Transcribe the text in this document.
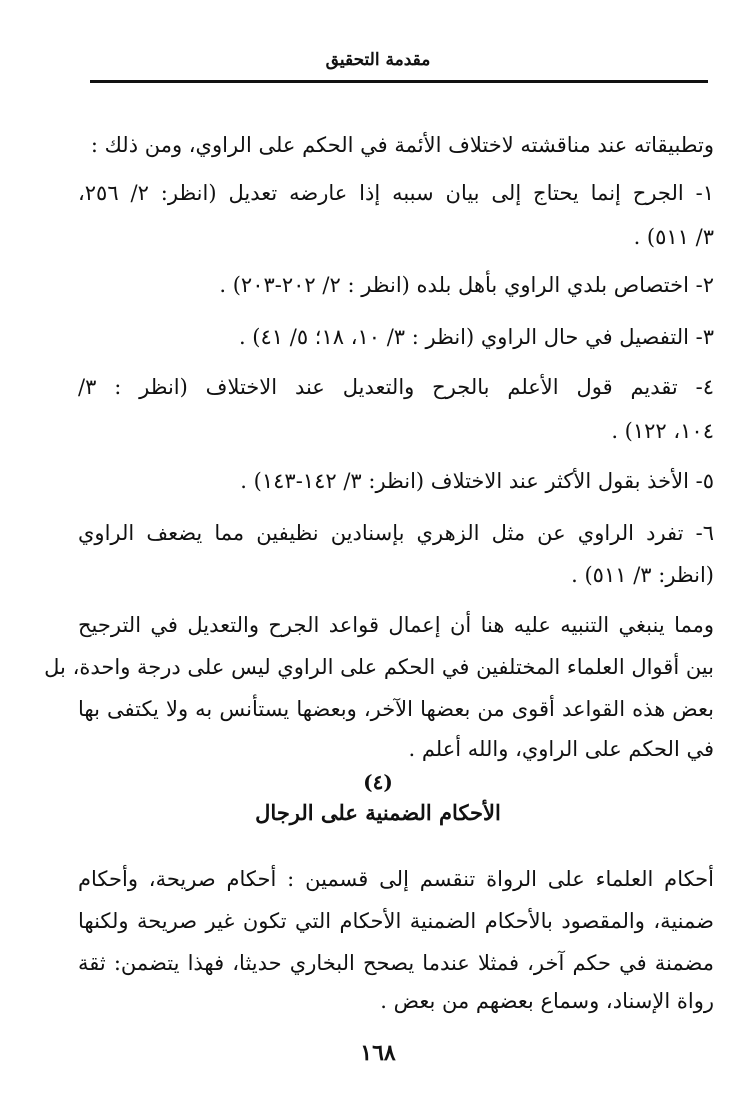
مقدمة التحقيق
وتطبيقاته عند مناقشته لاختلاف الأئمة في الحكم على الراوي، ومن ذلك :
١- الجرح إنما يحتاج إلى بيان سببه إذا عارضه تعديل (انظر: ٢/ ٢٥٦،
٣/ ٥١١) .
٢- اختصاص بلدي الراوي بأهل بلده (انظر : ٢/ ٢٠٢-٢٠٣) .
٣- التفصيل في حال الراوي (انظر : ٣/ ١٠، ١٨؛ ٥/ ٤١) .
٤- تقديم قول الأعلم بالجرح والتعديل عند الاختلاف (انظر : ٣/
١٠٤، ١٢٢) .
٥- الأخذ بقول الأكثر عند الاختلاف (انظر: ٣/ ١٤٢-١٤٣) .
٦- تفرد الراوي عن مثل الزهري بإسنادين نظيفين مما يضعف الراوي
(انظر: ٣/ ٥١١) .
ومما ينبغي التنبيه عليه هنا أن إعمال قواعد الجرح والتعديل في الترجيح
بين أقوال العلماء المختلفين في الحكم على الراوي ليس على درجة واحدة، بل
بعض هذه القواعد أقوى من بعضها الآخر، وبعضها يستأنس به ولا يكتفى بها
في الحكم على الراوي، والله أعلم .
(٤)
الأحكام الضمنية على الرجال
أحكام العلماء على الرواة تنقسم إلى قسمين : أحكام صريحة، وأحكام
ضمنية، والمقصود بالأحكام الضمنية الأحكام التي تكون غير صريحة ولكنها
مضمنة في حكم آخر، فمثلا عندما يصحح البخاري حديثا، فهذا يتضمن: ثقة
رواة الإسناد، وسماع بعضهم من بعض .
١٦٨
